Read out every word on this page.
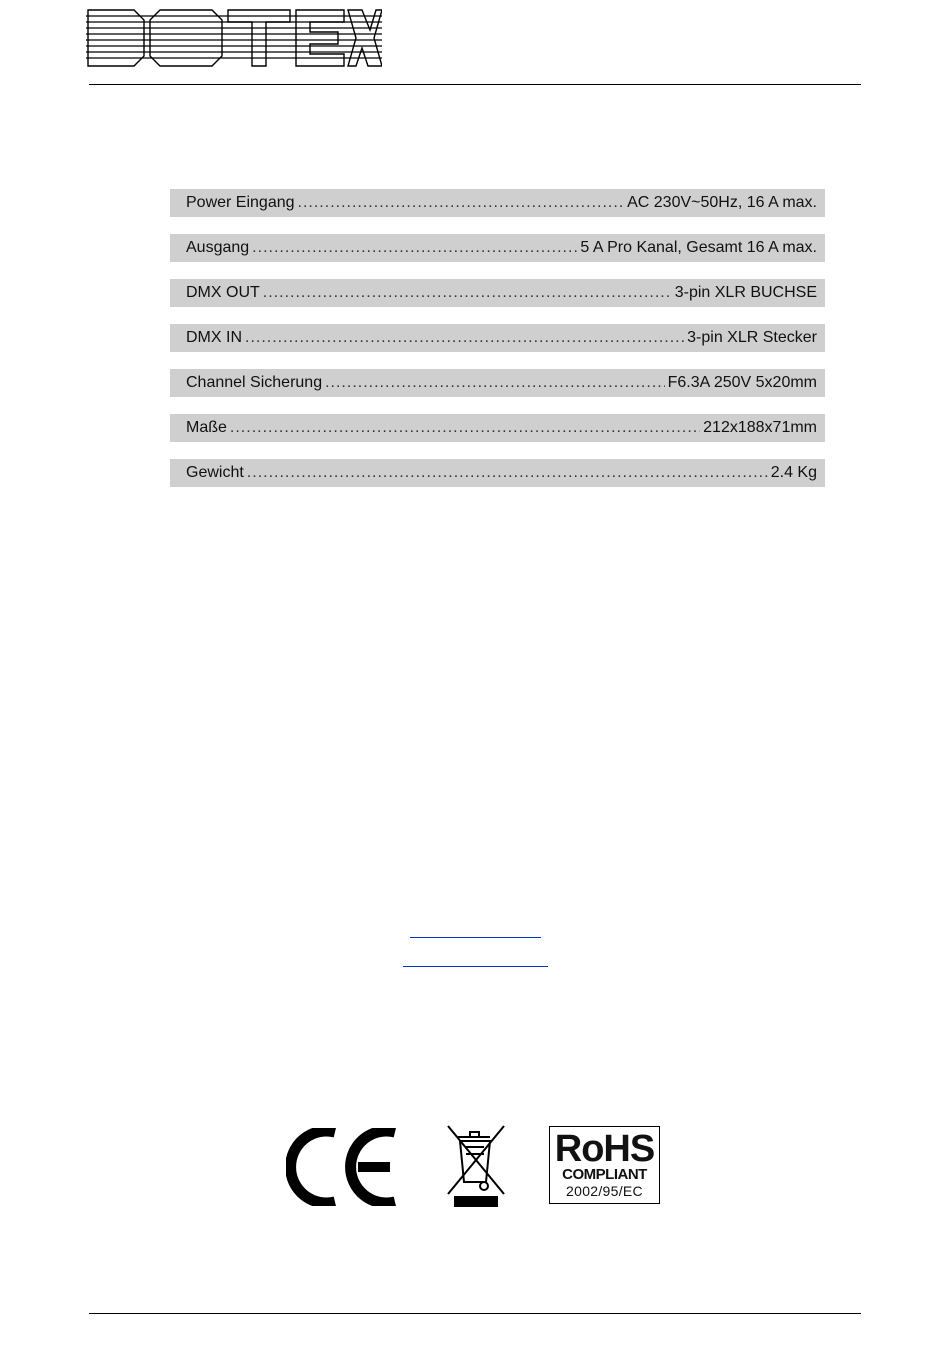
Power Eingang .....	AC 230V~50Hz, 16 A max.
Ausgang .....	5 A Pro Kanal, Gesamt 16 A max.
DMX OUT .....	3-pin XLR BUCHSE
DMX IN .....	3-pin XLR Stecker
Channel Sicherung .....	F6.3A 250V 5x20mm
Maße .....	212x188x71mm
Gewicht .....	2.4 Kg
RoHS
COMPLIANT
2002/95/EC
